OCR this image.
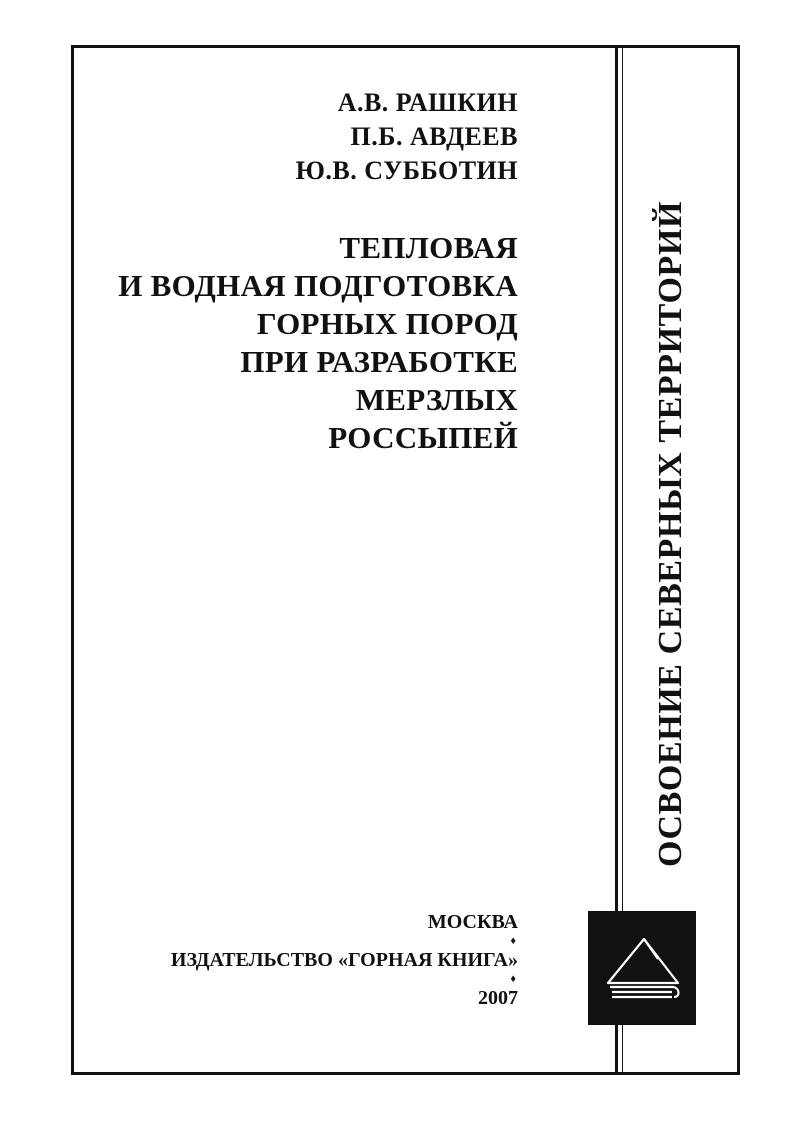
А.В. РАШКИН
П.Б. АВДЕЕВ
Ю.В. СУББОТИН
ТЕПЛОВАЯ
И ВОДНАЯ ПОДГОТОВКА
ГОРНЫХ ПОРОД
ПРИ РАЗРАБОТКЕ
МЕРЗЛЫХ
РОССЫПЕЙ
МОСКВА
♦
ИЗДАТЕЛЬСТВО «ГОРНАЯ КНИГА»
♦
2007
ОСВОЕНИЕ СЕВЕРНЫХ ТЕРРИТОРИЙ
